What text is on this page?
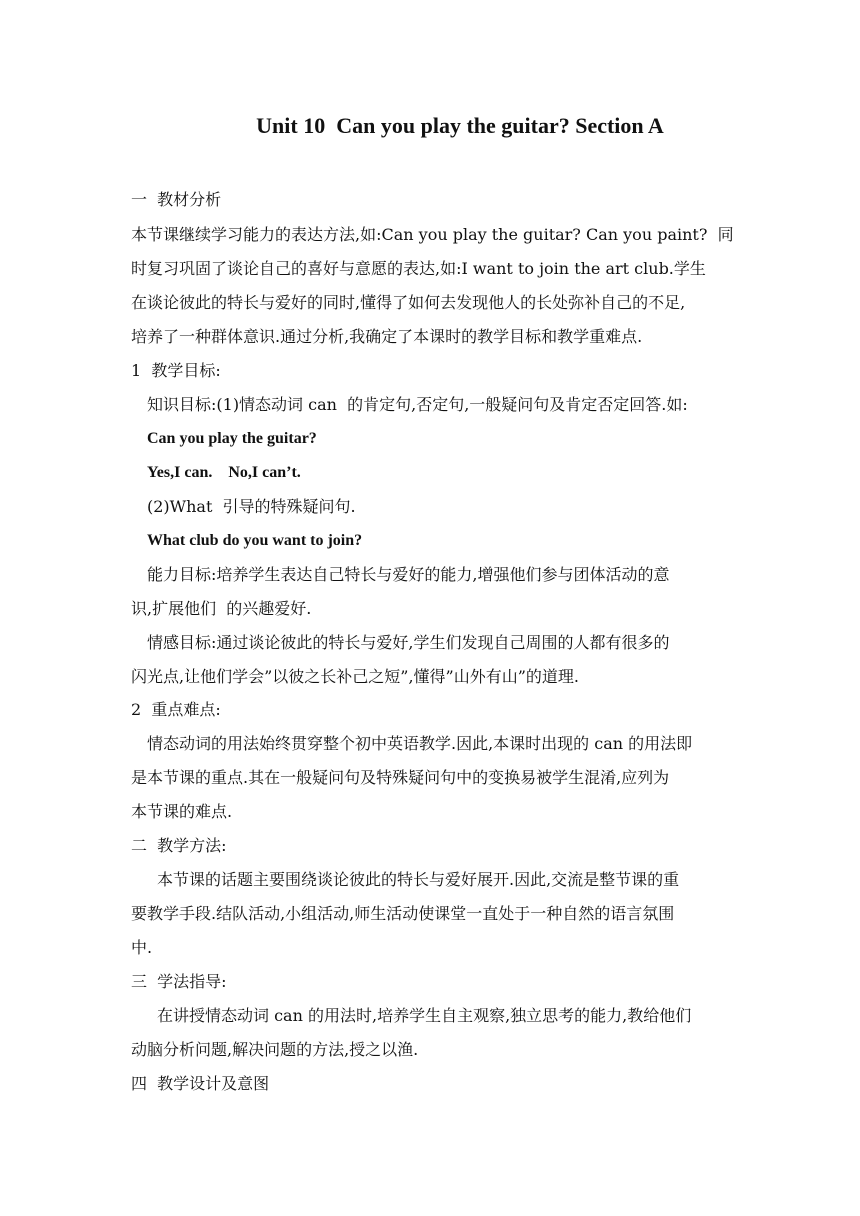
Unit 10  Can you play the guitar? Section A
一  教材分析
本节课继续学习能力的表达方法,如:Can you play the guitar? Can you paint?  同
时复习巩固了谈论自己的喜好与意愿的表达,如:I want to join the art club.学生
在谈论彼此的特长与爱好的同时,懂得了如何去发现他人的长处弥补自己的不足,
培养了一种群体意识.通过分析,我确定了本课时的教学目标和教学重难点.
1  教学目标:
知识目标:(1)情态动词 can  的肯定句,否定句,一般疑问句及肯定否定回答.如:
Can you play the guitar?
Yes,I can.    No,I can’t.
(2)What  引导的特殊疑问句.
What club do you want to join?
能力目标:培养学生表达自己特长与爱好的能力,增强他们参与团体活动的意
识,扩展他们  的兴趣爱好.
情感目标:通过谈论彼此的特长与爱好,学生们发现自己周围的人都有很多的
闪光点,让他们学会”以彼之长补己之短”,懂得”山外有山”的道理.
2  重点难点:
情态动词的用法始终贯穿整个初中英语教学.因此,本课时出现的 can 的用法即
是本节课的重点.其在一般疑问句及特殊疑问句中的变换易被学生混淆,应列为
本节课的难点.
二  教学方法:
本节课的话题主要围绕谈论彼此的特长与爱好展开.因此,交流是整节课的重
要教学手段.结队活动,小组活动,师生活动使课堂一直处于一种自然的语言氛围
中.
三  学法指导:
在讲授情态动词 can 的用法时,培养学生自主观察,独立思考的能力,教给他们
动脑分析问题,解决问题的方法,授之以渔.
四  教学设计及意图
